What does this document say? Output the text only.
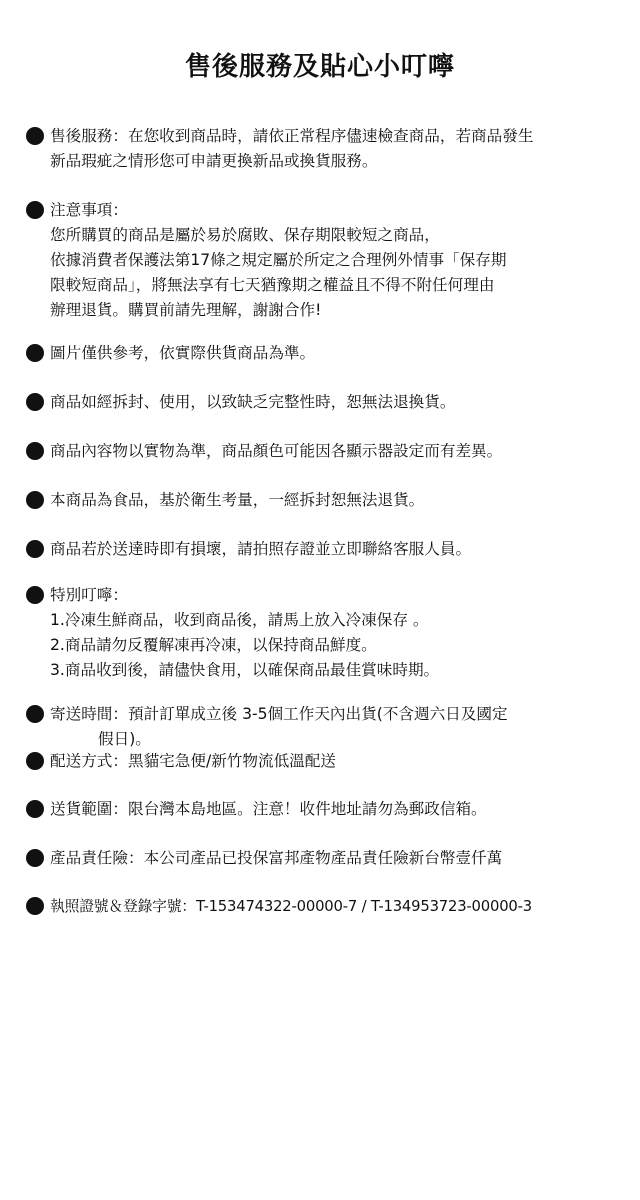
售後服務及貼心小叮嚀
售後服務：在您收到商品時，請依正常程序儘速檢查商品，若商品發生
新品瑕疵之情形您可申請更換新品或換貨服務。
注意事項：
您所購買的商品是屬於易於腐敗、保存期限較短之商品，
依據消費者保護法第17條之規定屬於所定之合理例外情事「保存期
限較短商品」，將無法享有七天猶豫期之權益且不得不附任何理由
辦理退貨。購買前請先理解，謝謝合作!
圖片僅供參考，依實際供貨商品為準。
商品如經拆封、使用，以致缺乏完整性時，恕無法退換貨。
商品內容物以實物為準，商品顏色可能因各顯示器設定而有差異。
本商品為食品，基於衛生考量，一經拆封恕無法退貨。
商品若於送達時即有損壞，請拍照存證並立即聯絡客服人員。
特別叮嚀：
1.冷凍生鮮商品，收到商品後，請馬上放入冷凍保存 。
2.商品請勿反覆解凍再冷凍，以保持商品鮮度。
3.商品收到後，請儘快食用，以確保商品最佳賞味時期。
寄送時間：預計訂單成立後 3-5個工作天內出貨(不含週六日及國定
假日)。
配送方式：黑貓宅急便/新竹物流低溫配送
送貨範圍：限台灣本島地區。注意！收件地址請勿為郵政信箱。
產品責任險：本公司產品已投保富邦產物產品責任險新台幣壹仟萬
執照證號＆登錄字號：T-153474322-00000-7 / T-134953723-00000-3
